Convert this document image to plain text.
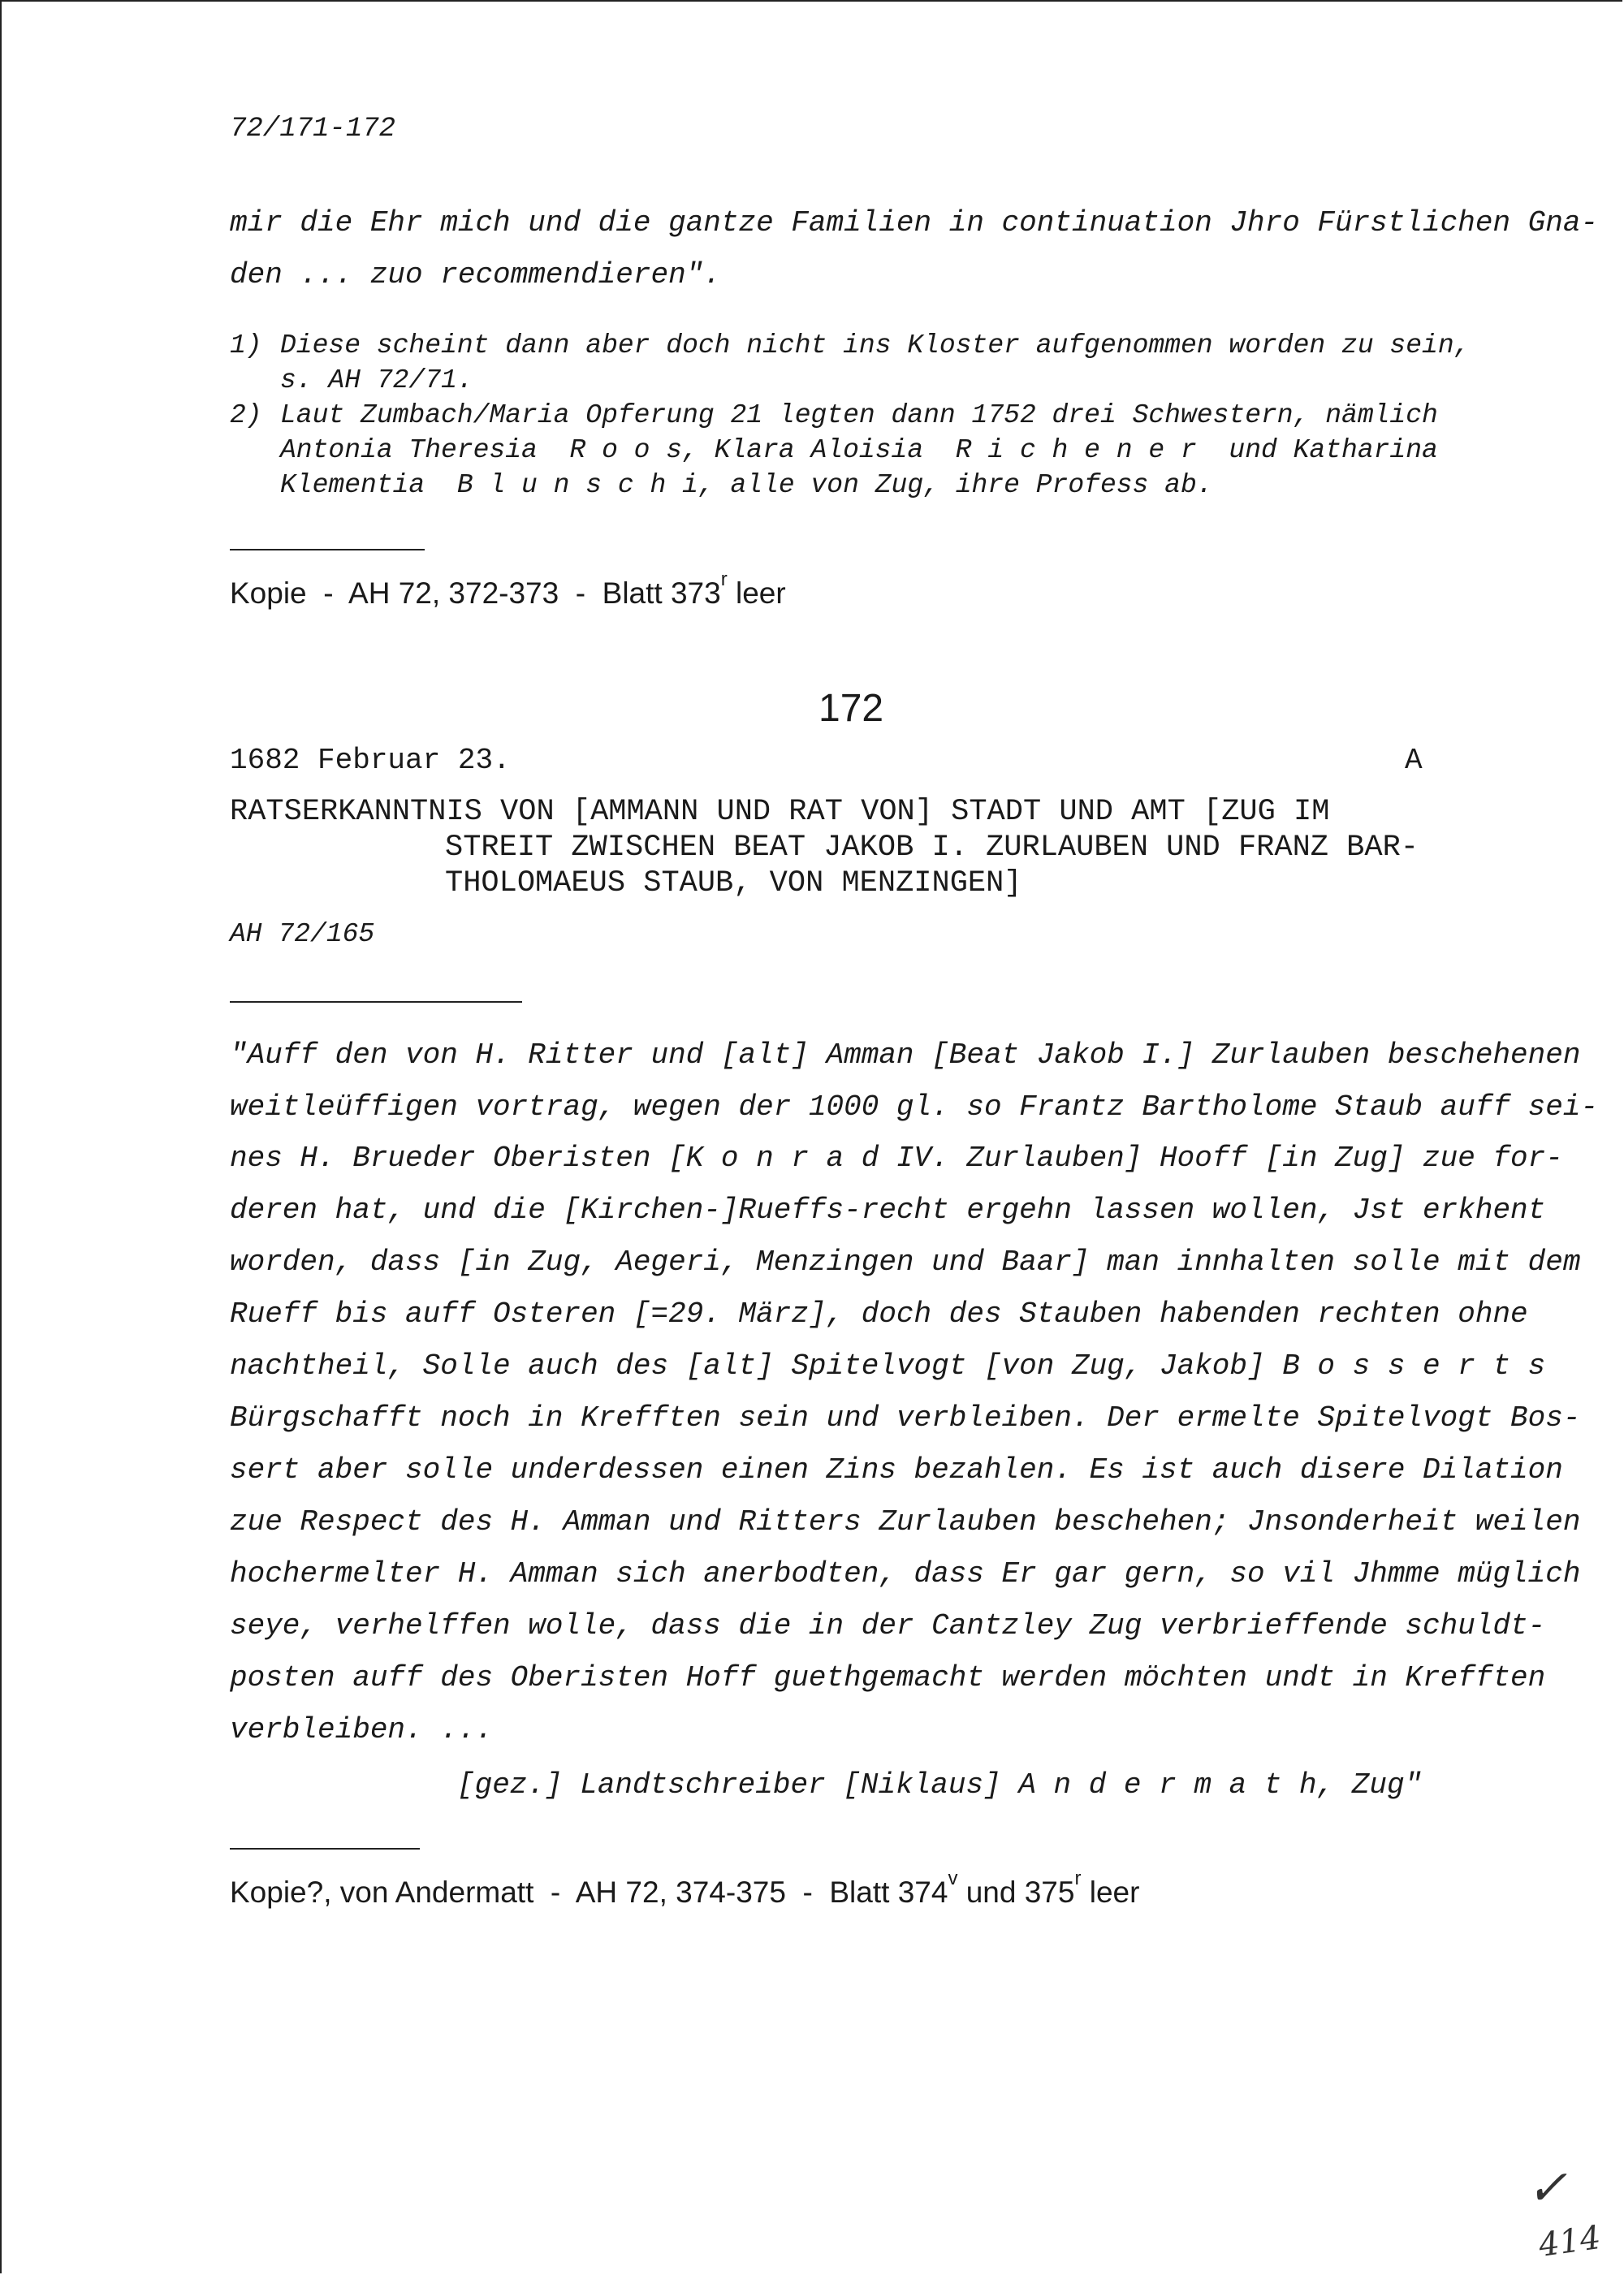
72/171-172
mir die Ehr mich und die gantze Familien in continuation Jhro Fürstlichen Gna-
den ... zuo recommendieren".
1) Diese scheint dann aber doch nicht ins Kloster aufgenommen worden zu sein,
s. AH 72/71.
2) Laut Zumbach/Maria Opferung 21 legten dann 1752 drei Schwestern, nämlich
Antonia Theresia  R o o s, Klara Aloisia  R i c h e n e r  und Katharina
Klementia  B l u n s c h i, alle von Zug, ihre Profess ab.
Kopie  -  AH 72, 372-373  -  Blatt 373$^r$ leer
172
1682 Februar 23.	A
RATSERKANNTNIS VON [AMMANN UND RAT VON] STADT UND AMT [ZUG IM
STREIT ZWISCHEN BEAT JAKOB I. ZURLAUBEN UND FRANZ BAR-
THOLOMAEUS STAUB, VON MENZINGEN]
AH 72/165
"Auff den von H. Ritter und [alt] Amman [Beat Jakob I.] Zurlauben beschehenen
weitleüffigen vortrag, wegen der 1000 gl. so Frantz Bartholome Staub auff sei-
nes H. Brueder Oberisten [K o n r a d IV. Zurlauben] Hooff [in Zug] zue for-
deren hat, und die [Kirchen-]Rueffs-recht ergehn lassen wollen, Jst erkhent
worden, dass [in Zug, Aegeri, Menzingen und Baar] man innhalten solle mit dem
Rueff bis auff Osteren [=29. März], doch des Stauben habenden rechten ohne
nachtheil, Solle auch des [alt] Spitelvogt [von Zug, Jakob] B o s s e r t s
Bürgschafft noch in Krefften sein und verbleiben. Der ermelte Spitelvogt Bos-
sert aber solle underdessen einen Zins bezahlen. Es ist auch disere Dilation
zue Respect des H. Amman und Ritters Zurlauben beschehen; Jnsonderheit weilen
hochermelter H. Amman sich anerbodten, dass Er gar gern, so vil Jhmme müglich
seye, verhelffen wolle, dass die in der Cantzley Zug verbrieffende schuldt-
posten auff des Oberisten Hoff guethgemacht werden möchten undt in Krefften
verbleiben. ...
[gez.] Landtschreiber [Niklaus] A n d e r m a t h, Zug"
Kopie?, von Andermatt  -  AH 72, 374-375  -  Blatt 374$^v$ und 375$^r$ leer
✓
414
